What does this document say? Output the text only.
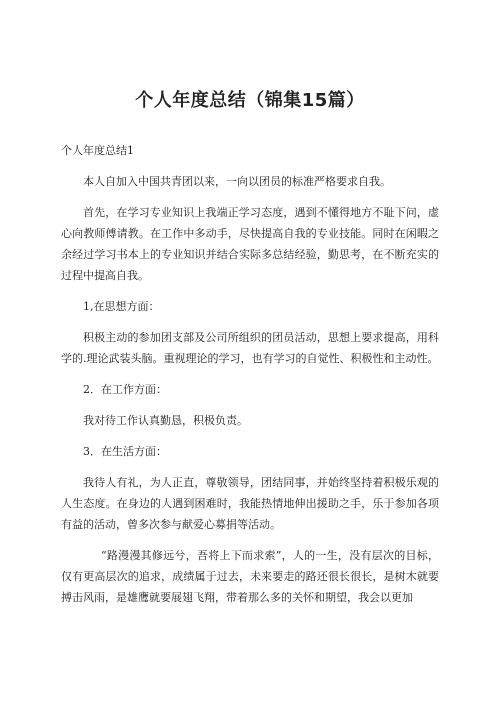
个人年度总结（锦集15篇）

个人年度总结1

本人自加入中国共青团以来，一向以团员的标准严格要求自我。

首先，在学习专业知识上我端正学习态度，遇到不懂得地方不耻下问，虚心向教师傅请教。在工作中多动手，尽快提高自我的专业技能。同时在闲暇之余经过学习书本上的专业知识并结合实际多总结经验，勤思考，在不断充实的过程中提高自我。

1,在思想方面：

积极主动的参加团支部及公司所组织的团员活动，思想上要求提高，用科学的.理论武装头脑。重视理论的学习，也有学习的自觉性、积极性和主动性。

2．在工作方面：

我对待工作认真勤恳，积极负责。

3．在生活方面：

我待人有礼，为人正直，尊敬领导，团结同事，并始终坚持着积极乐观的人生态度。在身边的人遇到困难时，我能热情地伸出援助之手，乐于参加各项有益的活动，曾多次参与献爱心募捐等活动。

“路漫漫其修远兮，吾将上下而求索”，人的一生，没有层次的目标，仅有更高层次的追求，成绩属于过去，未来要走的路还很长很长，是树木就要搏击风雨，是雄鹰就要展翅飞翔，带着那么多的关怀和期望，我会以更加
